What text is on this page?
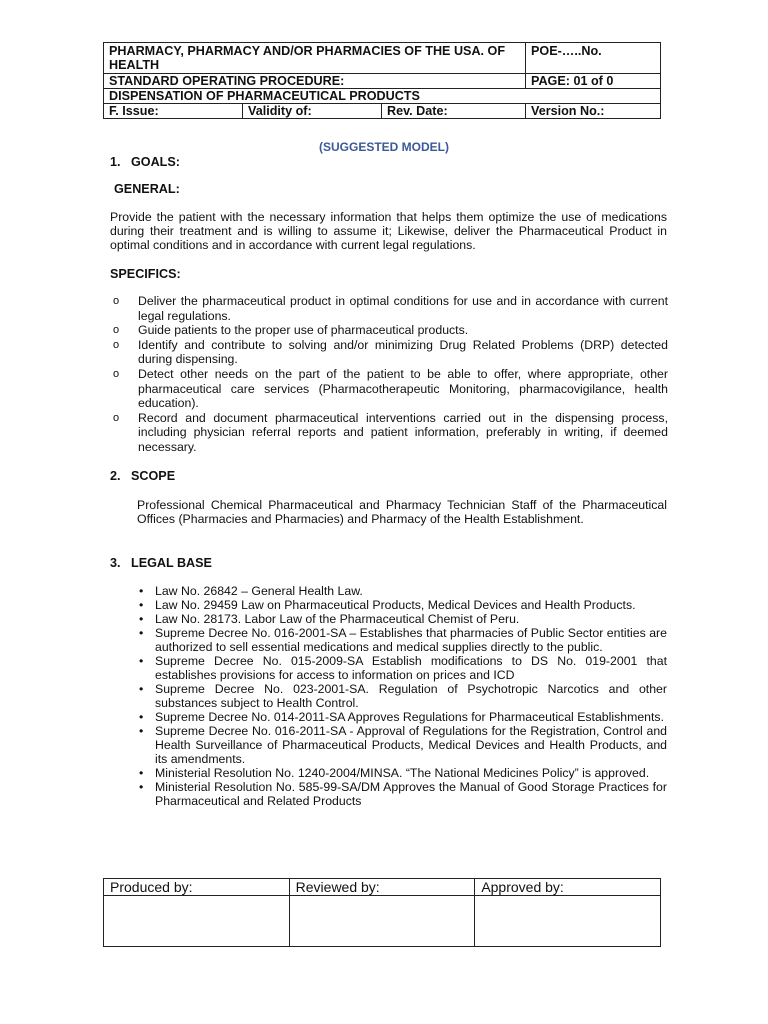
PHARMACY, PHARMACY AND/OR PHARMACIES OF THE USA. OF HEALTH			POE-…..No.
STANDARD OPERATING PROCEDURE:			PAGE: 01 of 0
DISPENSATION OF PHARMACEUTICAL PRODUCTS			
F. Issue:	Validity of:	Rev. Date:	Version No.:
(SUGGESTED MODEL)
1.   GOALS:
GENERAL:
Provide the patient with the necessary information that helps them optimize the use of medications during their treatment and is willing to assume it; Likewise, deliver the Pharmaceutical Product in optimal conditions and in accordance with current legal regulations.
SPECIFICS:
o Deliver the pharmaceutical product in optimal conditions for use and in accordance with current legal regulations.
o Guide patients to the proper use of pharmaceutical products.
o Identify and contribute to solving and/or minimizing Drug Related Problems (DRP) detected during dispensing.
o Detect other needs on the part of the patient to be able to offer, where appropriate, other pharmaceutical care services (Pharmacotherapeutic Monitoring, pharmacovigilance, health education).
o Record and document pharmaceutical interventions carried out in the dispensing process, including physician referral reports and patient information, preferably in writing, if deemed necessary.
2.   SCOPE
Professional Chemical Pharmaceutical and Pharmacy Technician Staff of the Pharmaceutical Offices (Pharmacies and Pharmacies) and Pharmacy of the Health Establishment.
3.   LEGAL BASE
• Law No. 26842 – General Health Law.
• Law No. 29459 Law on Pharmaceutical Products, Medical Devices and Health Products.
• Law No. 28173. Labor Law of the Pharmaceutical Chemist of Peru.
• Supreme Decree No. 016-2001-SA – Establishes that pharmacies of Public Sector entities are authorized to sell essential medications and medical supplies directly to the public.
• Supreme Decree No. 015-2009-SA Establish modifications to DS No. 019-2001 that establishes provisions for access to information on prices and ICD
• Supreme Decree No. 023-2001-SA. Regulation of Psychotropic Narcotics and other substances subject to Health Control.
• Supreme Decree No. 014-2011-SA Approves Regulations for Pharmaceutical Establishments.
• Supreme Decree No. 016-2011-SA - Approval of Regulations for the Registration, Control and Health Surveillance of Pharmaceutical Products, Medical Devices and Health Products, and its amendments.
• Ministerial Resolution No. 1240-2004/MINSA. “The National Medicines Policy” is approved.
• Ministerial Resolution No. 585-99-SA/DM Approves the Manual of Good Storage Practices for Pharmaceutical and Related Products
Produced by:	Reviewed by:	Approved by:
